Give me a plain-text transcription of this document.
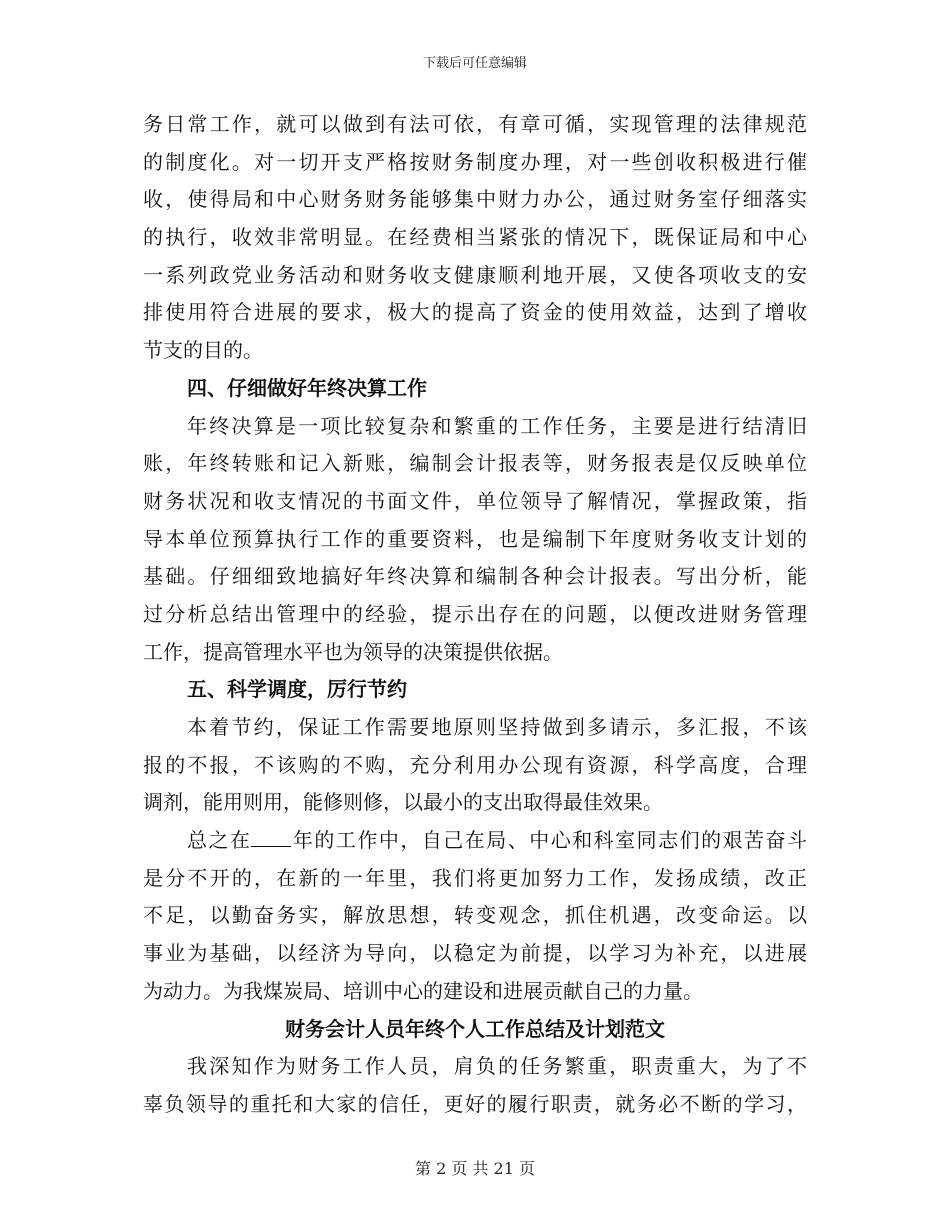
下载后可任意编辑
务日常工作，就可以做到有法可依，有章可循，实现管理的法律规范
的制度化。对一切开支严格按财务制度办理，对一些创收积极进行催
收，使得局和中心财务财务能够集中财力办公，通过财务室仔细落实
的执行，收效非常明显。在经费相当紧张的情况下，既保证局和中心
一系列政党业务活动和财务收支健康顺利地开展，又使各项收支的安
排使用符合进展的要求，极大的提高了资金的使用效益，达到了增收
节支的目的。
四、仔细做好年终决算工作
年终决算是一项比较复杂和繁重的工作任务，主要是进行结清旧
账，年终转账和记入新账，编制会计报表等，财务报表是仅反映单位
财务状况和收支情况的书面文件，单位领导了解情况，掌握政策，指
导本单位预算执行工作的重要资料，也是编制下年度财务收支计划的
基础。仔细细致地搞好年终决算和编制各种会计报表。写出分析，能
过分析总结出管理中的经验，提示出存在的问题，以便改进财务管理
工作，提高管理水平也为领导的决策提供依据。
五、科学调度，厉行节约
本着节约，保证工作需要地原则坚持做到多请示，多汇报，不该
报的不报，不该购的不购，充分利用办公现有资源，科学高度，合理
调剂，能用则用，能修则修，以最小的支出取得最佳效果。
总之在 年的工作中，自己在局、中心和科室同志们的艰苦奋斗
是分不开的，在新的一年里，我们将更加努力工作，发扬成绩，改正
不足，以勤奋务实，解放思想，转变观念，抓住机遇，改变命运。以
事业为基础，以经济为导向，以稳定为前提，以学习为补充，以进展
为动力。为我煤炭局、培训中心的建设和进展贡献自己的力量。
财务会计人员年终个人工作总结及计划范文
我深知作为财务工作人员，肩负的任务繁重，职责重大，为了不
辜负领导的重托和大家的信任，更好的履行职责，就务必不断的学习，
第 2 页 共 21 页
